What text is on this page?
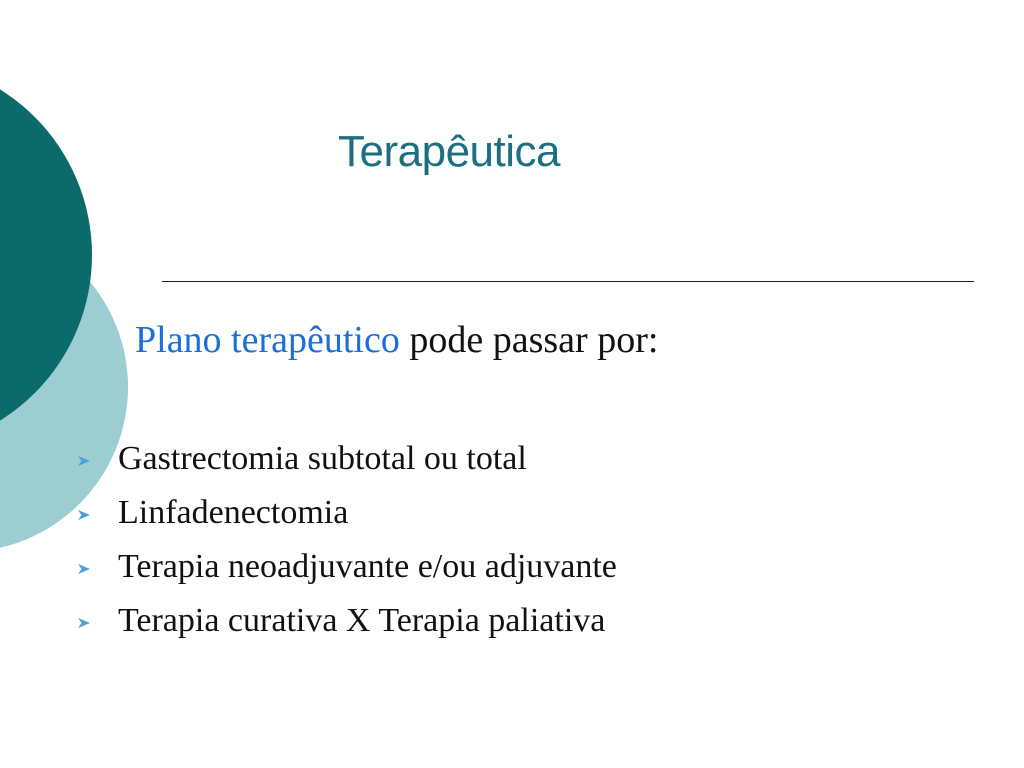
Terapêutica
Plano terapêutico pode passar por:
Gastrectomia subtotal ou total
Linfadenectomia
Terapia neoadjuvante e/ou adjuvante
Terapia curativa X Terapia paliativa
